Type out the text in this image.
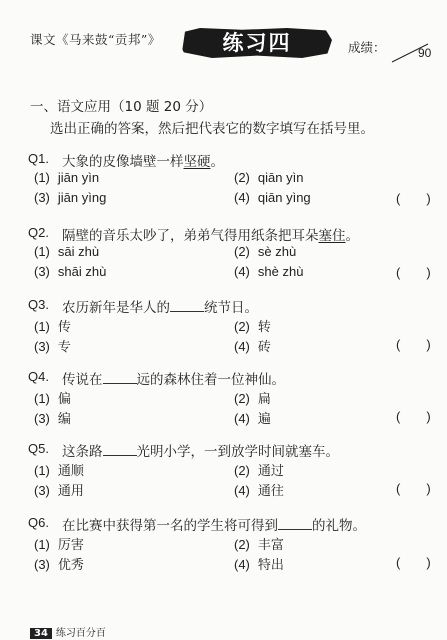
课文《马来鼓“贡邦”》	练习四	成绩：	90
一、语文应用（10 题 20 分）
选出正确的答案，然后把代表它的数字填写在括号里。
Q1. 大象的皮像墙壁一样坚硬。
(1) jiān yìn	(2) qiān yìn
(3) jiān yìng	(4) qiān yìng	(　　)
Q2. 隔壁的音乐太吵了，弟弟气得用纸条把耳朵塞住。
(1) sāi zhù	(2) sè zhù
(3) shāi zhù	(4) shè zhù	(　　)
Q3. 农历新年是华人的	统节日。
(1) 传	(2) 转
(3) 专	(4) 砖	(　　)
Q4. 传说在	远的森林住着一位神仙。
(1) 偏	(2) 扁
(3) 编	(4) 遍	(　　)
Q5. 这条路	光明小学，一到放学时间就塞车。
(1) 通顺	(2) 通过
(3) 通用	(4) 通往	(　　)
Q6. 在比赛中获得第一名的学生将可得到	的礼物。
(1) 厉害	(2) 丰富
(3) 优秀	(4) 特出	(　　)
34 练习百分百
